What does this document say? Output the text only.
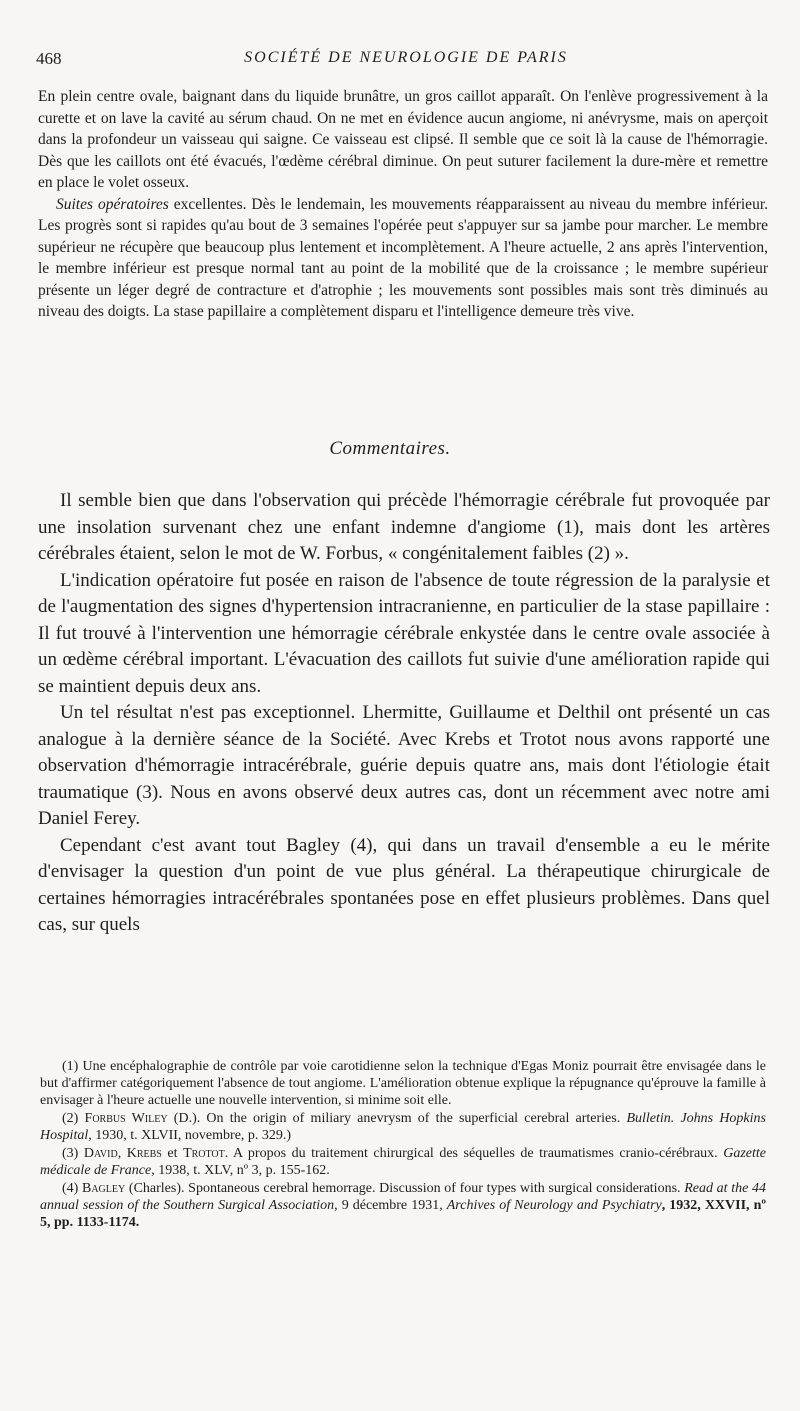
468	SOCIÉTÉ DE NEUROLOGIE DE PARIS

En plein centre ovale, baignant dans du liquide brunâtre, un gros caillot apparaît. On l'enlève progressivement à la curette et on lave la cavité au sérum chaud. On ne met en évidence aucun angiome, ni anévrysme, mais on aperçoit dans la profondeur un vaisseau qui saigne. Ce vaisseau est clipsé. Il semble que ce soit là la cause de l'hémorragie. Dès que les caillots ont été évacués, l'œdème cérébral diminue. On peut suturer facilement la dure-mère et remettre en place le volet osseux.

Suites opératoires excellentes. Dès le lendemain, les mouvements réapparaissent au niveau du membre inférieur. Les progrès sont si rapides qu'au bout de 3 semaines l'opérée peut s'appuyer sur sa jambe pour marcher. Le membre supérieur ne récupère que beaucoup plus lentement et incomplètement. A l'heure actuelle, 2 ans après l'intervention, le membre inférieur est presque normal tant au point de la mobilité que de la croissance ; le membre supérieur présente un léger degré de contracture et d'atrophie ; les mouvements sont possibles mais sont très diminués au niveau des doigts. La stase papillaire a complètement disparu et l'intelligence demeure très vive.

Commentaires.

Il semble bien que dans l'observation qui précède l'hémorragie cérébrale fut provoquée par une insolation survenant chez une enfant indemne d'angiome (1), mais dont les artères cérébrales étaient, selon le mot de W. Forbus, « congénitalement faibles (2) ».

L'indication opératoire fut posée en raison de l'absence de toute régression de la paralysie et de l'augmentation des signes d'hypertension intracranienne, en particulier de la stase papillaire : Il fut trouvé à l'intervention une hémorragie cérébrale enkystée dans le centre ovale associée à un œdème cérébral important. L'évacuation des caillots fut suivie d'une amélioration rapide qui se maintient depuis deux ans.

Un tel résultat n'est pas exceptionnel. Lhermitte, Guillaume et Delthil ont présenté un cas analogue à la dernière séance de la Société. Avec Krebs et Trotot nous avons rapporté une observation d'hémorragie intracérébrale, guérie depuis quatre ans, mais dont l'étiologie était traumatique (3). Nous en avons observé deux autres cas, dont un récemment avec notre ami Daniel Ferey.

Cependant c'est avant tout Bagley (4), qui dans un travail d'ensemble a eu le mérite d'envisager la question d'un point de vue plus général. La thérapeutique chirurgicale de certaines hémorragies intracérébrales spontanées pose en effet plusieurs problèmes. Dans quel cas, sur quels

(1) Une encéphalographie de contrôle par voie carotidienne selon la technique d'Egas Moniz pourrait être envisagée dans le but d'affirmer catégoriquement l'absence de tout angiome. L'amélioration obtenue explique la répugnance qu'éprouve la famille à envisager à l'heure actuelle une nouvelle intervention, si minime soit elle.

(2) Forbus Wiley (D.). On the origin of miliary anevrysm of the superficial cerebral arteries. Bulletin. Johns Hopkins Hospital, 1930, t. XLVII, novembre, p. 329.)

(3) David, Krebs et Trotot. A propos du traitement chirurgical des séquelles de traumatismes cranio-cérébraux. Gazette médicale de France, 1938, t. XLV, nº 3, p. 155-162.

(4) Bagley (Charles). Spontaneous cerebral hemorrage. Discussion of four types with surgical considerations. Read at the 44 annual session of the Southern Surgical Association, 9 décembre 1931, Archives of Neurology and Psychiatry, 1932, XXVII, nº 5, pp. 1133-1174.
